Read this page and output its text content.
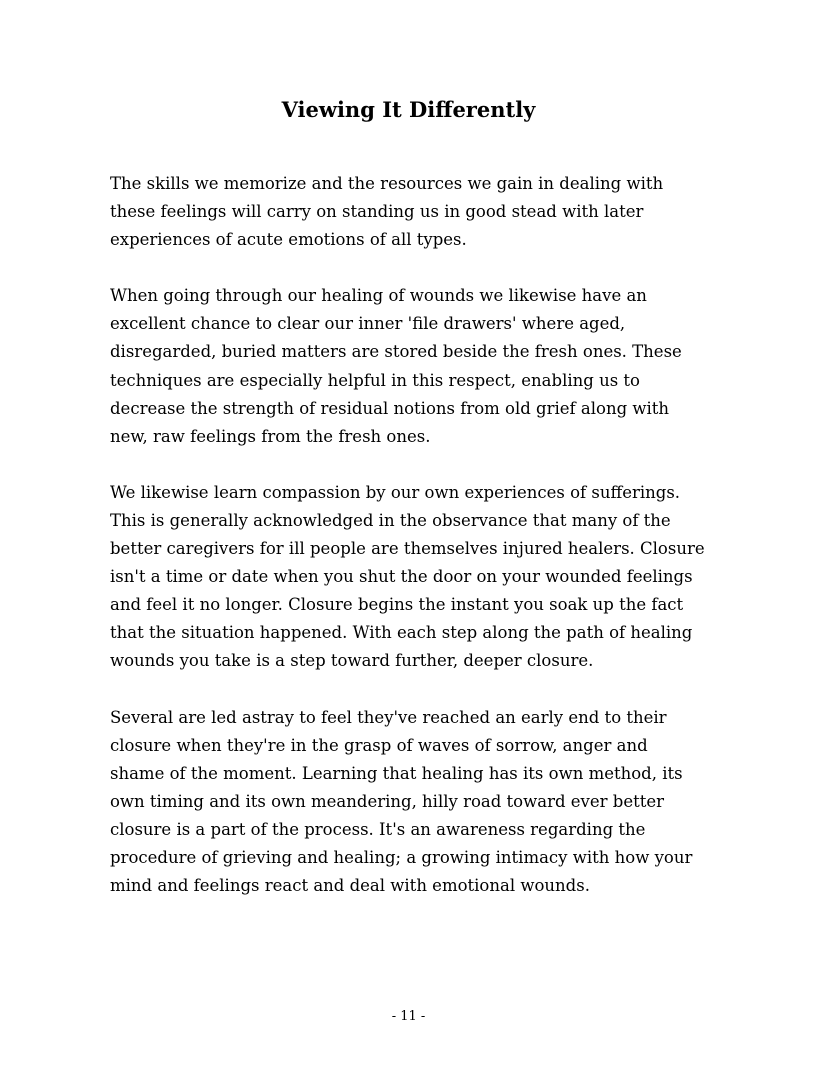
Viewing It Differently

The skills we memorize and the resources we gain in dealing with
these feelings will carry on standing us in good stead with later
experiences of acute emotions of all types.

When going through our healing of wounds we likewise have an
excellent chance to clear our inner 'file drawers' where aged,
disregarded, buried matters are stored beside the fresh ones. These
techniques are especially helpful in this respect, enabling us to
decrease the strength of residual notions from old grief along with
new, raw feelings from the fresh ones.

We likewise learn compassion by our own experiences of sufferings.
This is generally acknowledged in the observance that many of the
better caregivers for ill people are themselves injured healers. Closure
isn't a time or date when you shut the door on your wounded feelings
and feel it no longer. Closure begins the instant you soak up the fact
that the situation happened. With each step along the path of healing
wounds you take is a step toward further, deeper closure.

Several are led astray to feel they've reached an early end to their
closure when they're in the grasp of waves of sorrow, anger and
shame of the moment. Learning that healing has its own method, its
own timing and its own meandering, hilly road toward ever better
closure is a part of the process. It's an awareness regarding the
procedure of grieving and healing; a growing intimacy with how your
mind and feelings react and deal with emotional wounds.

- 11 -
